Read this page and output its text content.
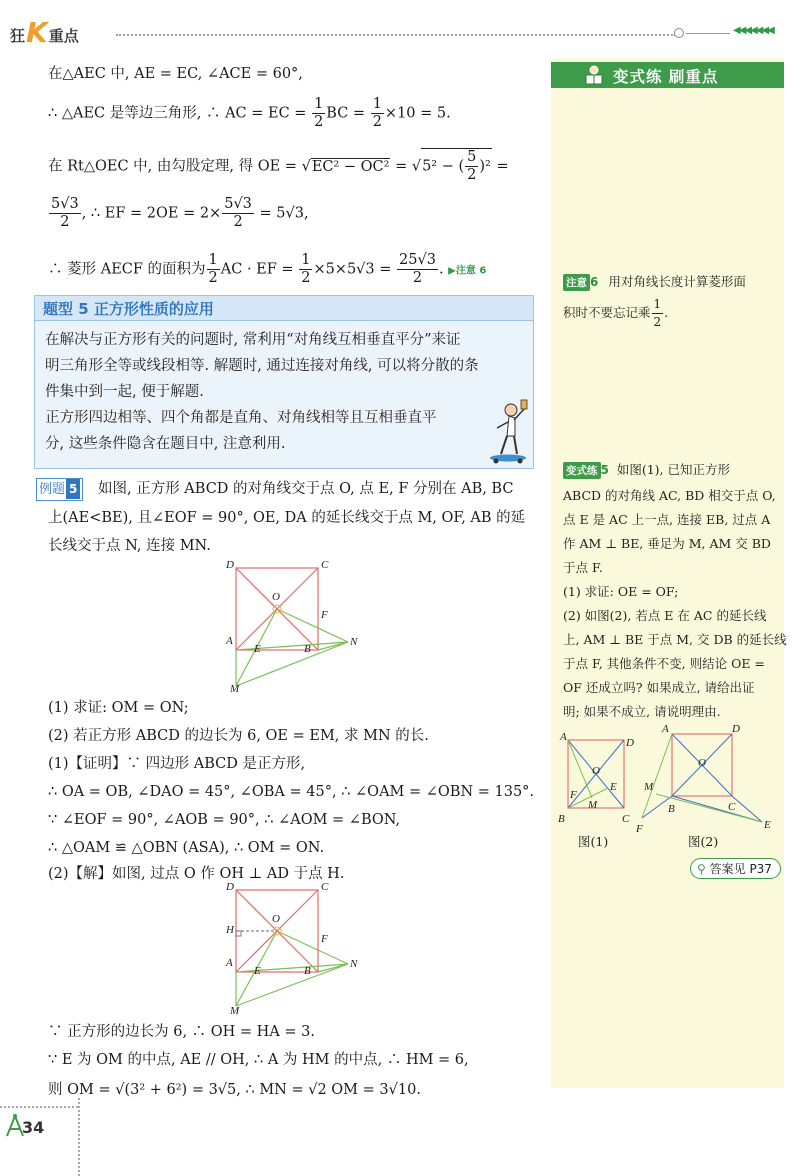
狂 K 重点	◀◀◀◀◀◀◀
在△AEC 中, AE = EC, ∠ACE = 60°,
∴ △AEC 是等边三角形, ∴ AC = EC = $\frac{1}{2}$ BC = $\frac{1}{2} \times 10 = 5$.
在 Rt△OEC 中, 由勾股定理, 得 OE = √EC² − OC² = √5² − ( $\frac{5}{2} )^2$ =
$\frac{5√3}{2}$ , ∴ EF = $2OE = 2\times \frac{5√3}{2} = 5√3$,
∴ 菱形 AECF 的面积为 $\frac{1}{2}$ AC · EF = $\frac{1}{2} \times 5\times 5√3 = \frac{25√3}{2}$ . ▶注意 6
题型 5 正方形性质的应用
在解决与正方形有关的问题时, 常利用“对角线互相垂直平分”来证
明三角形全等或线段相等. 解题时, 通过连接对角线, 可以将分散的条
件集中到一起, 便于解题.
正方形四边相等、四个角都是直角、对角线相等且互相垂直平
分, 这些条件隐含在题目中, 注意利用.
例题 5 如图, 正方形 ABCD 的对角线交于点 O, 点 E, F 分别在 AB, BC
上(AE<BE), 且∠EOF = 90°, OE, DA 的延长线交于点 M, OF, AB 的延
长线交于点 N, 连接 MN.
D	C
O
F
A	N
E	B
M
(1) 求证: OM = ON;
(2) 若正方形 ABCD 的边长为 6, OE = EM, 求 MN 的长.
(1)【证明】∵ 四边形 ABCD 是正方形,
∴ OA = OB, ∠DAO = 45°, ∠OBA = 45°, ∴ ∠OAM = ∠OBN = 135°.
∵ ∠EOF = 90°, ∠AOB = 90°, ∴ ∠AOM = ∠BON,
∴ △OAM ≌ △OBN (ASA), ∴ OM = ON.
(2)【解】如图, 过点 O 作 OH ⊥ AD 于点 H.
D	C
H
O
F
A	N
E	B
M
∵ 正方形的边长为 6, ∴ OH = HA = 3.
∵ E 为 OM 的中点, AE // OH, ∴ A 为 HM 的中点, ∴ HM = 6,
则 OM = √(3² + 6²) = 3√5, ∴ MN = √2 OM = 3√10.
变式练 刷重点
注意 6 用对角线长度计算菱形面
积时不要忘记乘 $\frac{1}{2}$ .
变式练 5 如图(1), 已知正方形
ABCD 的对角线 AC, BD 相交于点 O,
点 E 是 AC 上一点, 连接 EB, 过点 A
作 AM ⊥ BE, 垂足为 M, AM 交 BD
于点 F.
(1) 求证: OE = OF;
(2) 如图(2), 若点 E 在 AC 的延长线
上, AM ⊥ BE 于点 M, 交 DB 的延长线
于点 F, 其他条件不变, 则结论 OE =
OF 还成立吗? 如果成立, 请给出证
明; 如果不成立, 请说明理由.
A	D
O
E
F
M
B	C
图(1)
A	D
O
M
B	C
F	E
图(2)
⚲ 答案见 P37
34
